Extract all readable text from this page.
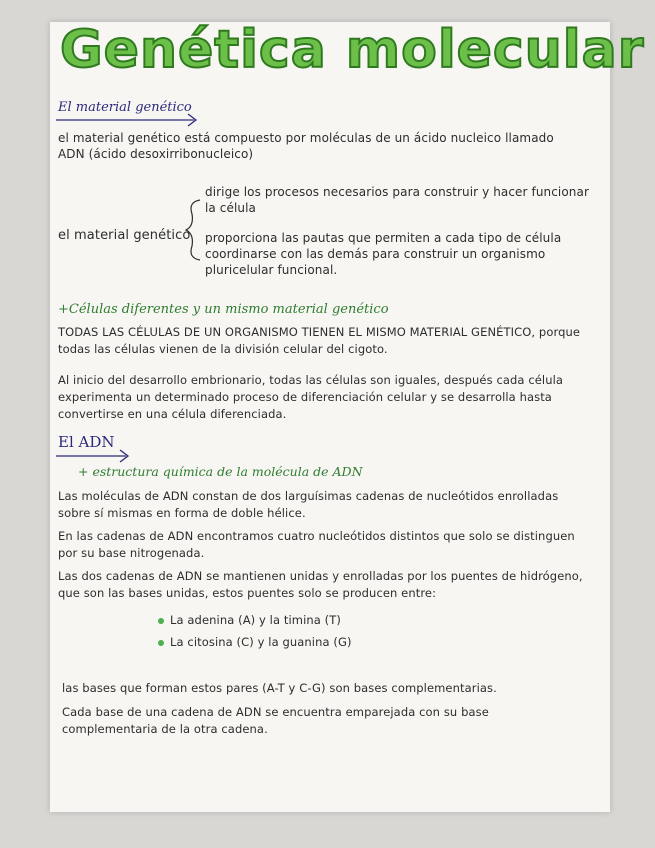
Genética molecular
El material genético
el material genético está compuesto por moléculas de un ácido nucleico llamado ADN (ácido desoxirribonucleico)
el material genético
dirige los procesos necesarios para construir y hacer funcionar la célula
proporciona las pautas que permiten a cada tipo de célula coordinarse con las demás para construir un organismo pluricelular funcional.
+Células diferentes y un mismo material genético
TODAS LAS CÉLULAS DE UN ORGANISMO TIENEN EL MISMO MATERIAL GENÉTICO, porque todas las células vienen de la división celular del cigoto.
Al inicio del desarrollo embrionario, todas las células son iguales, después cada célula experimenta un determinado proceso de diferenciación celular y se desarrolla hasta convertirse en una célula diferenciada.
El ADN
+ estructura química de la molécula de ADN
Las moléculas de ADN constan de dos larguísimas cadenas de nucleótidos enrolladas sobre sí mismas en forma de doble hélice.
En las cadenas de ADN encontramos cuatro nucleótidos distintos que solo se distinguen por su base nitrogenada.
Las dos cadenas de ADN se mantienen unidas y enrolladas por los puentes de hidrógeno, que son las bases unidas, estos puentes solo se producen entre:
La adenina (A) y la timina (T)
La citosina (C) y la guanina (G)
las bases que forman estos pares (A-T y C-G) son bases complementarias.
Cada base de una cadena de ADN se encuentra emparejada con su base complementaria de la otra cadena.
